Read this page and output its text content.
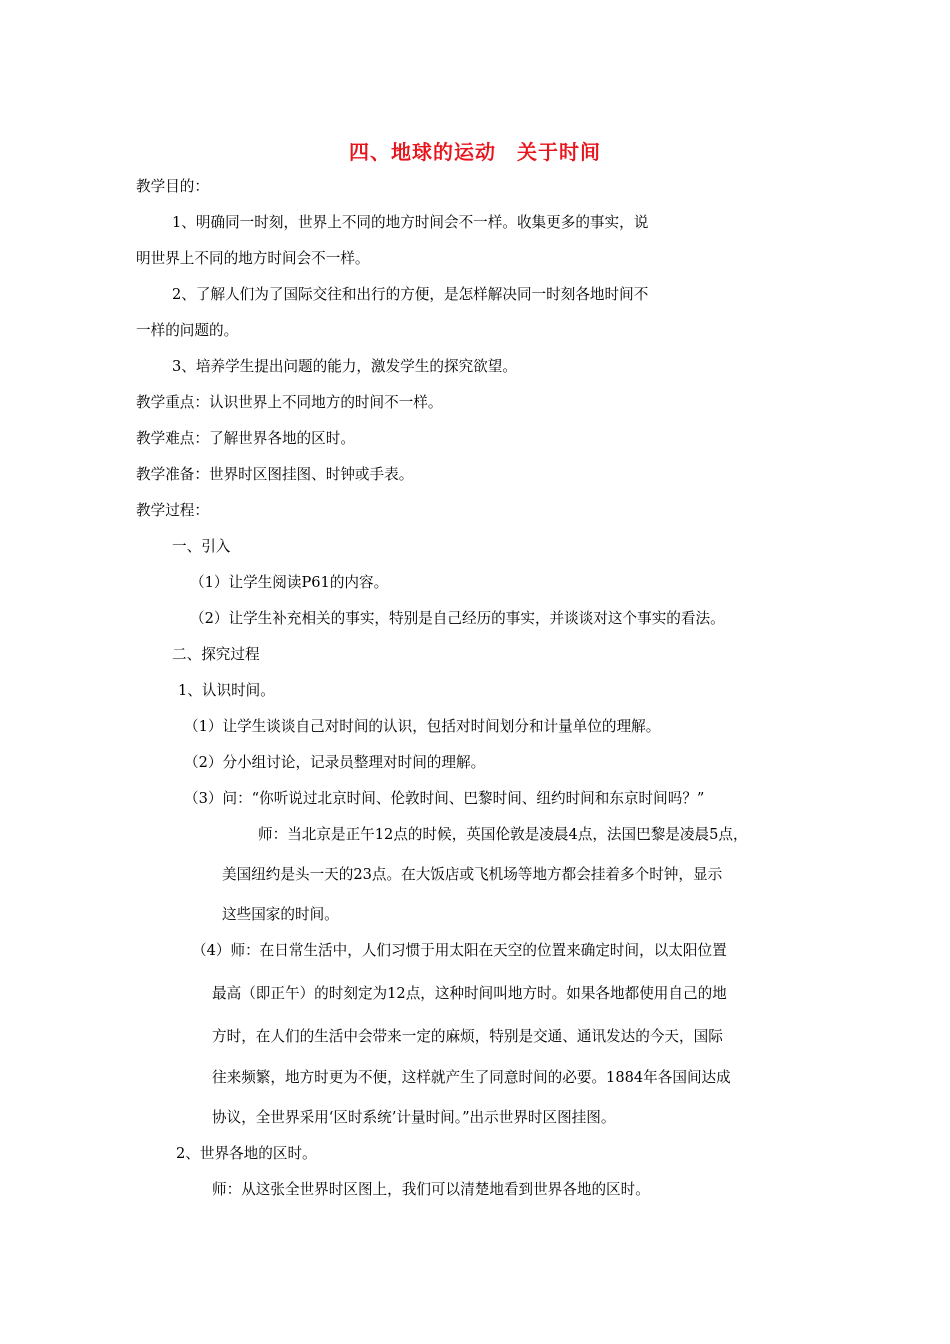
四、地球的运动　关于时间
教学目的：
1、明确同一时刻，世界上不同的地方时间会不一样。收集更多的事实，说
明世界上不同的地方时间会不一样。
2、了解人们为了国际交往和出行的方便，是怎样解决同一时刻各地时间不
一样的问题的。
3、培养学生提出问题的能力，激发学生的探究欲望。
教学重点：认识世界上不同地方的时间不一样。
教学难点：了解世界各地的区时。
教学准备：世界时区图挂图、时钟或手表。
教学过程：
一、引入
（1）让学生阅读P61的内容。
（2）让学生补充相关的事实，特别是自己经历的事实，并谈谈对这个事实的看法。
二、探究过程
1、认识时间。
（1）让学生谈谈自己对时间的认识，包括对时间划分和计量单位的理解。
（2）分小组讨论，记录员整理对时间的理解。
（3）问：“你听说过北京时间、伦敦时间、巴黎时间、纽约时间和东京时间吗？”
师：当北京是正午12点的时候，英国伦敦是凌晨4点，法国巴黎是凌晨5点，
美国纽约是头一天的23点。在大饭店或飞机场等地方都会挂着多个时钟，显示
这些国家的时间。
（4）师：在日常生活中，人们习惯于用太阳在天空的位置来确定时间，以太阳位置
最高（即正午）的时刻定为12点，这种时间叫地方时。如果各地都使用自己的地
方时，在人们的生活中会带来一定的麻烦，特别是交通、通讯发达的今天，国际
往来频繁，地方时更为不便，这样就产生了同意时间的必要。1884年各国间达成
协议，全世界采用‘区时系统’计量时间。”出示世界时区图挂图。
2、世界各地的区时。
师：从这张全世界时区图上，我们可以清楚地看到世界各地的区时。
